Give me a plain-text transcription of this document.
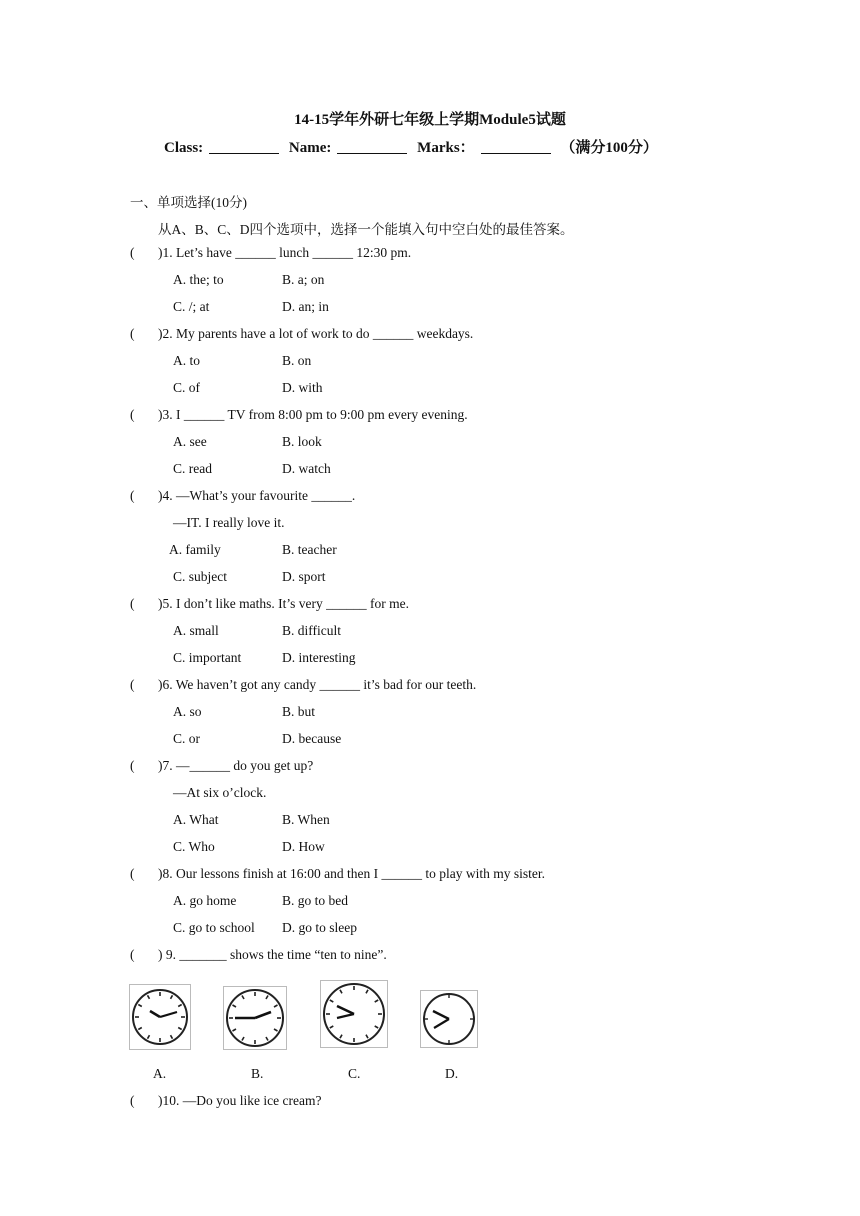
14-15学年外研七年级上学期Module5试题
Class:	Name:	Marks：	（满分100分）
一、单项选择(10分)
从A、B、C、D四个选项中，选择一个能填入句中空白处的最佳答案。
( )1. Let’s have ______ lunch ______ 12:30 pm.
A. the; to	B. a; on
C. /; at	D. an; in
( )2. My parents have a lot of work to do ______ weekdays.
A. to	B. on
C. of	D. with
( )3. I ______ TV from 8:00 pm to 9:00 pm every evening.
A. see	B. look
C. read	D. watch
( )4. —What’s your favourite ______.
—IT. I really love it.
A. family	B. teacher
C. subject	D. sport
( )5. I don’t like maths. It’s very ______ for me.
A. small	B. difficult
C. important	D. interesting
( )6. We haven’t got any candy ______ it’s bad for our teeth.
A. so	B. but
C. or	D. because
( )7. —______ do you get up?
—At six o’clock.
A. What	B. When
C. Who	D. How
( )8. Our lessons finish at 16:00 and then I ______ to play with my sister.
A. go home	B. go to bed
C. go to school D. go to sleep
( ) 9. _______ shows the time “ten to nine”.
A.	B.	C.	D.
( )10. —Do you like ice cream?
